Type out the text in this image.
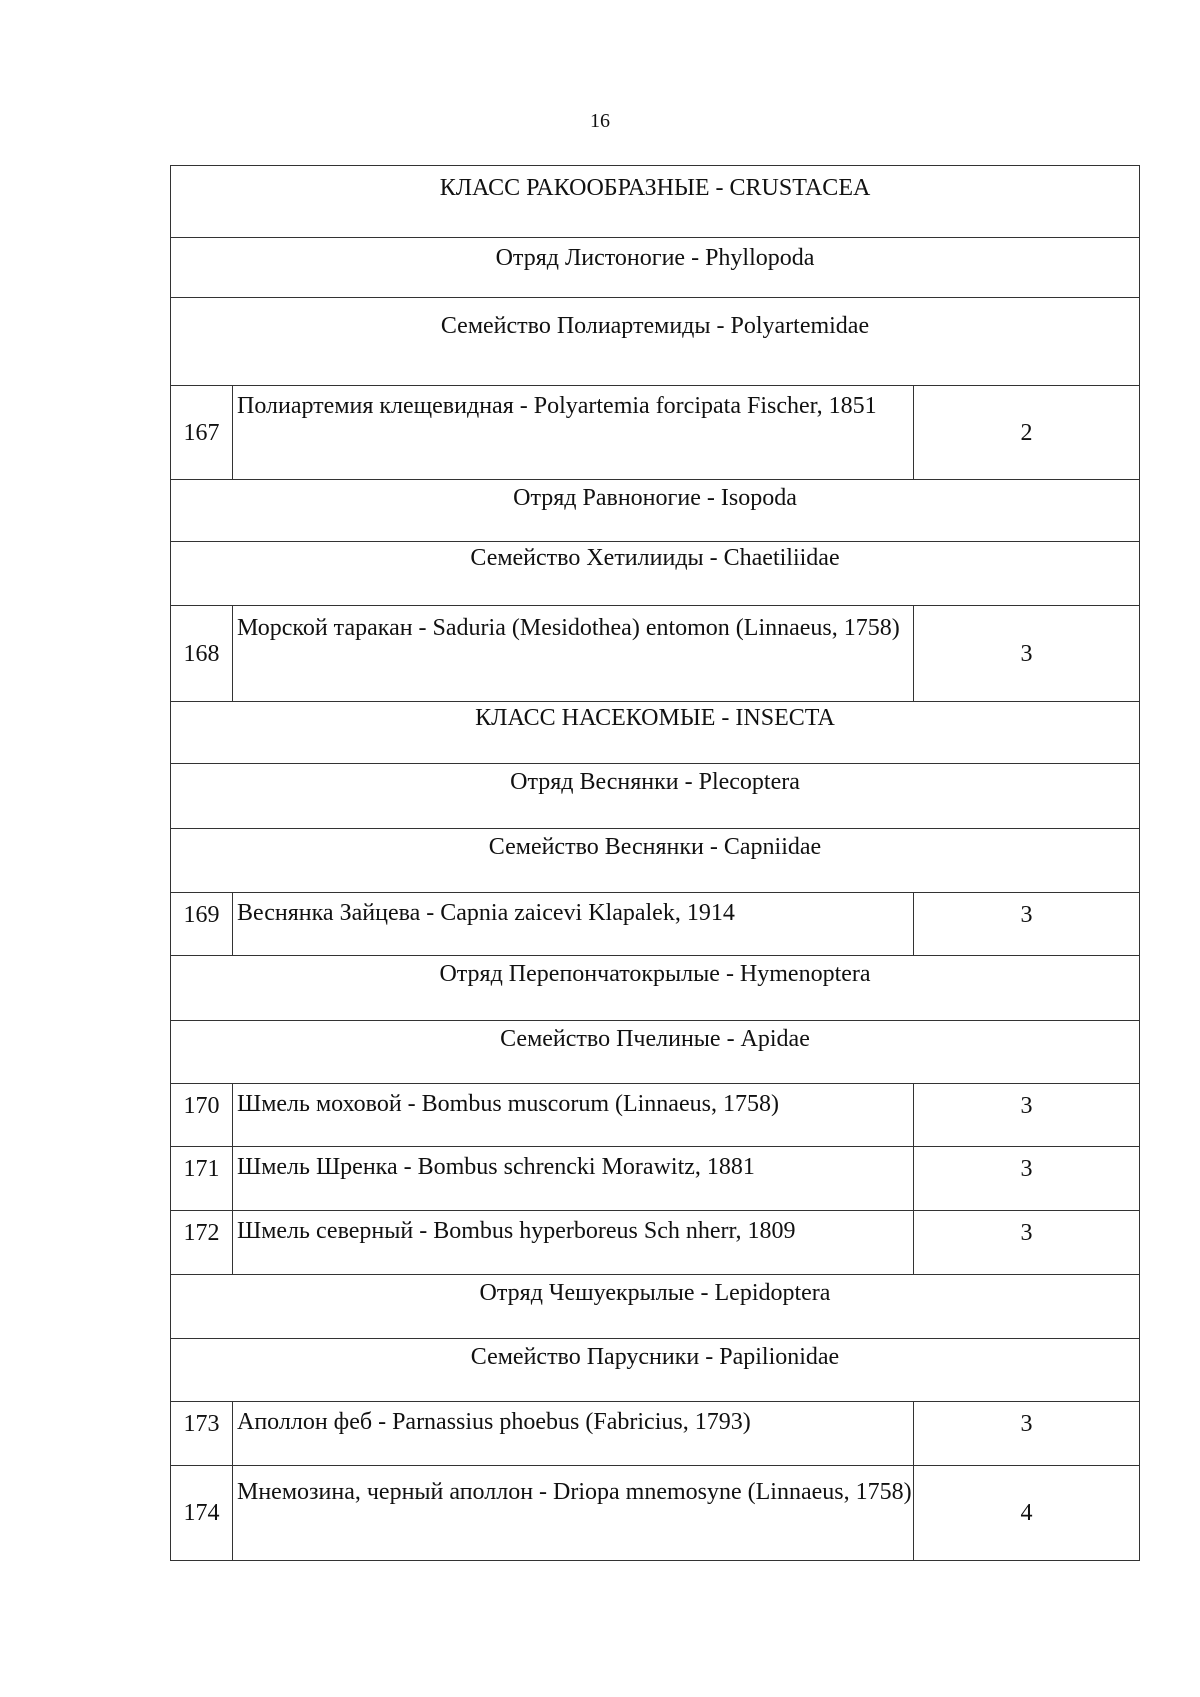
16
КЛАСС РАКООБРАЗНЫЕ - CRUSTACEA		
Отряд Листоногие - Phyllopoda		
Семейство Полиартемиды - Polyartemidae		
167	Полиартемия клещевидная - Polyartemia forcipata Fischer, 1851	2
Отряд Равноногие - Isopoda		
Семейство Хетилииды - Chaetiliidae		
168	Морской таракан - Saduria (Mesidothea) entomon (Linnaeus, 1758)	3
КЛАСС НАСЕКОМЫЕ - INSECTA		
Отряд Веснянки - Plecoptera		
Семейство Веснянки - Capniidae		
169	Веснянка Зайцева - Capnia zaicevi Klapalek, 1914	3
Отряд Перепончатокрылые - Hymenoptera		
Семейство Пчелиные - Apidae		
170	Шмель моховой - Bombus muscorum (Linnaeus, 1758)	3
171	Шмель Шренка - Bombus schrencki Morawitz, 1881	3
172	Шмель северный - Bombus hyperboreus Sch nherr, 1809	3
Отряд Чешуекрылые - Lepidoptera		
Семейство Парусники - Papilionidae		
173	Аполлон феб - Parnassius phoebus (Fabricius, 1793)	3
174	Мнемозина, черный аполлон - Driopa mnemosyne (Linnaeus, 1758)	4
